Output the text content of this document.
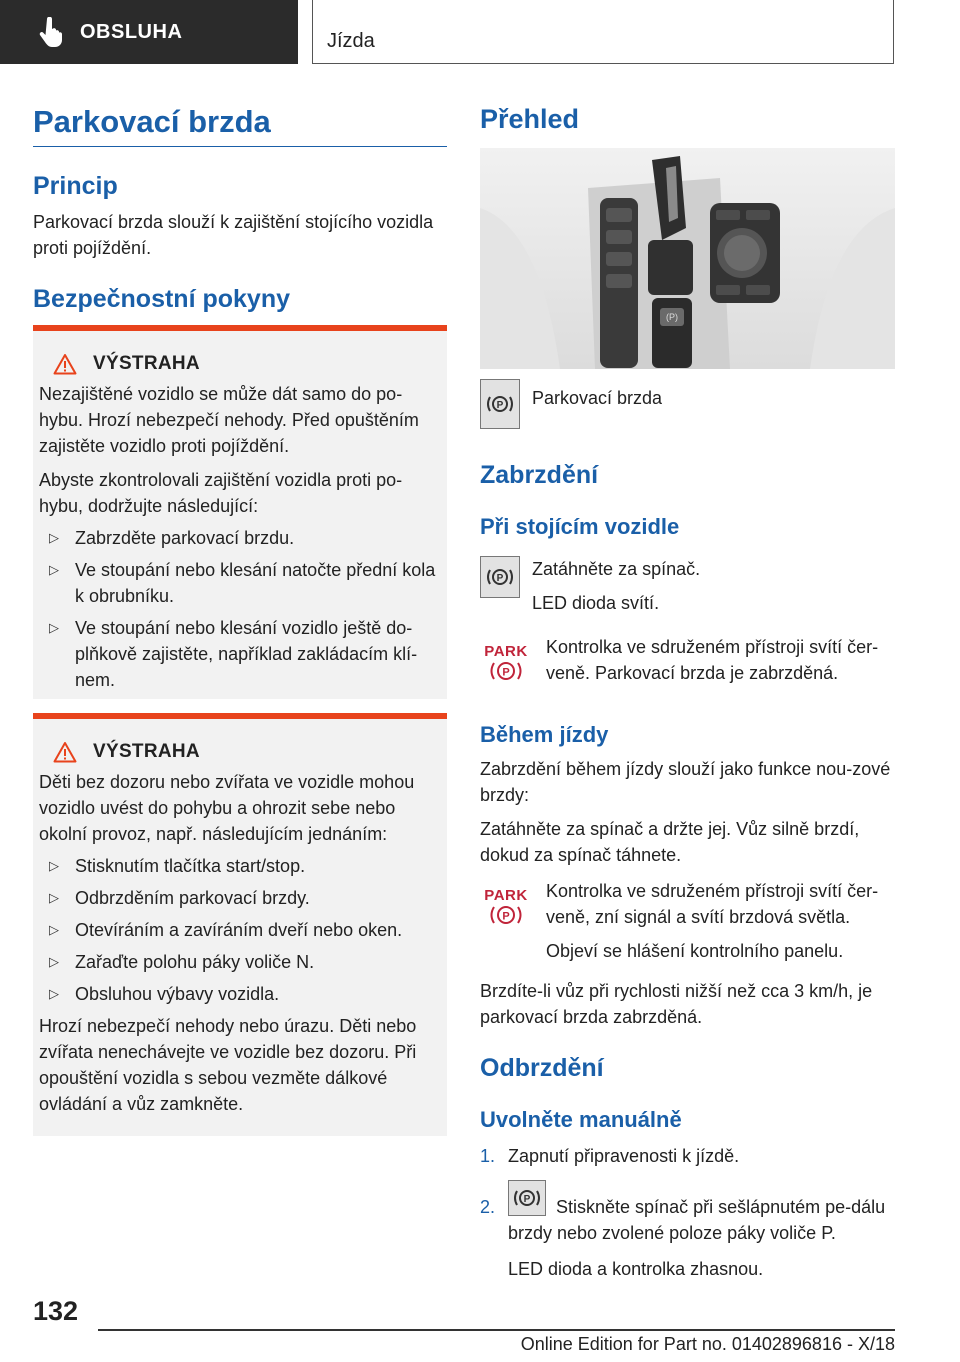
OBSLUHA	Jízda
Parkovací brzda
Princip

Parkovací brzda slouží k zajištění stojícího vozidla proti pojíždění.

Bezpečnostní pokyny
VÝSTRAHA

Nezajištěné vozidlo se může dát samo do po-hybu. Hrozí nebezpečí nehody. Před opuštěním zajistěte vozidlo proti pojíždění.

Abyste zkontrolovali zajištění vozidla proti po-hybu, dodržujte následující:

▷ Zabrzděte parkovací brzdu.

▷ Ve stoupání nebo klesání natočte přední kola k obrubníku.

▷ Ve stoupání nebo klesání vozidlo ještě do-plňkově zajistěte, například zakládacím klí-nem.

VÝSTRAHA

Děti bez dozoru nebo zvířata ve vozidle mohou vozidlo uvést do pohybu a ohrozit sebe nebo okolní provoz, např. následujícím jednáním:

▷ Stisknutím tlačítka start/stop.

▷ Odbrzděním parkovací brzdy.

▷ Otevíráním a zavíráním dveří nebo oken.

▷ Zařaďte polohu páky voliče N.

▷ Obsluhou výbavy vozidla.

Hrozí nebezpečí nehody nebo úrazu. Děti nebo zvířata nenechávejte ve vozidle bez dozoru. Při opouštění vozidla s sebou vezměte dálkové ovládání a vůz zamkněte.

Přehled
(P)
P Parkovací brzda

Zabrzdění
Při stojícím vozidle
P Zatáhněte za spínač.

LED dioda svítí.

PARK
P

Kontrolka ve sdruženém přístroji svítí čer-veně. Parkovací brzda je zabrzděná.

Během jízdy

Zabrzdění během jízdy slouží jako funkce nou-zové brzdy:

Zatáhněte za spínač a držte jej. Vůz silně brzdí, dokud za spínač táhnete.

PARK
P

Kontrolka ve sdruženém přístroji svítí čer-veně, zní signál a svítí brzdová světla.

Objeví se hlášení kontrolního panelu.

Brzdíte-li vůz při rychlosti nižší než cca 3 km/h, je parkovací brzda zabrzděná.

Odbrzdění
Uvolněte manuálně
1. Zapnutí připravenosti k jízdě.

2.	P	Stiskněte spínač při sešlápnutém pe-dálu brzdy nebo zvolené poloze páky voliče P.

LED dioda a kontrolka zhasnou.

132
Online Edition for Part no. 01402896816 - X/18
